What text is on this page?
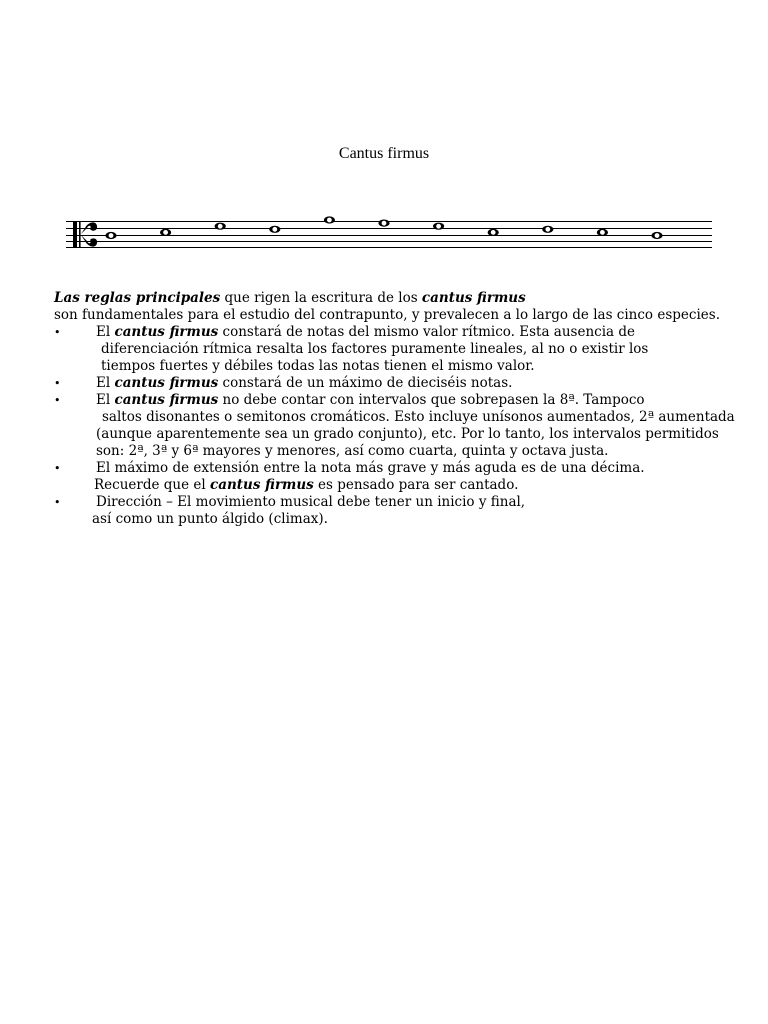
Cantus firmus
Las reglas principales que rigen la escritura de los cantus firmus
son fundamentales para el estudio del contrapunto, y prevalecen a lo largo de las cinco especies.
•	El cantus firmus constará de notas del mismo valor rítmico. Esta ausencia de
diferenciación rítmica resalta los factores puramente lineales, al no o existir los
tiempos fuertes y débiles todas las notas tienen el mismo valor.
•	El cantus firmus constará de un máximo de dieciséis notas.
•	El cantus firmus no debe contar con intervalos que sobrepasen la 8ª. Tampoco
saltos disonantes o semitonos cromáticos. Esto incluye unísonos aumentados, 2ª aumentada
(aunque aparentemente sea un grado conjunto), etc. Por lo tanto, los intervalos permitidos
son: 2ª, 3ª y 6ª mayores y menores, así como cuarta, quinta y octava justa.
•	El máximo de extensión entre la nota más grave y más aguda es de una décima.
Recuerde que el cantus firmus es pensado para ser cantado.
•	Dirección – El movimiento musical debe tener un inicio y final,
así como un punto álgido (climax).
